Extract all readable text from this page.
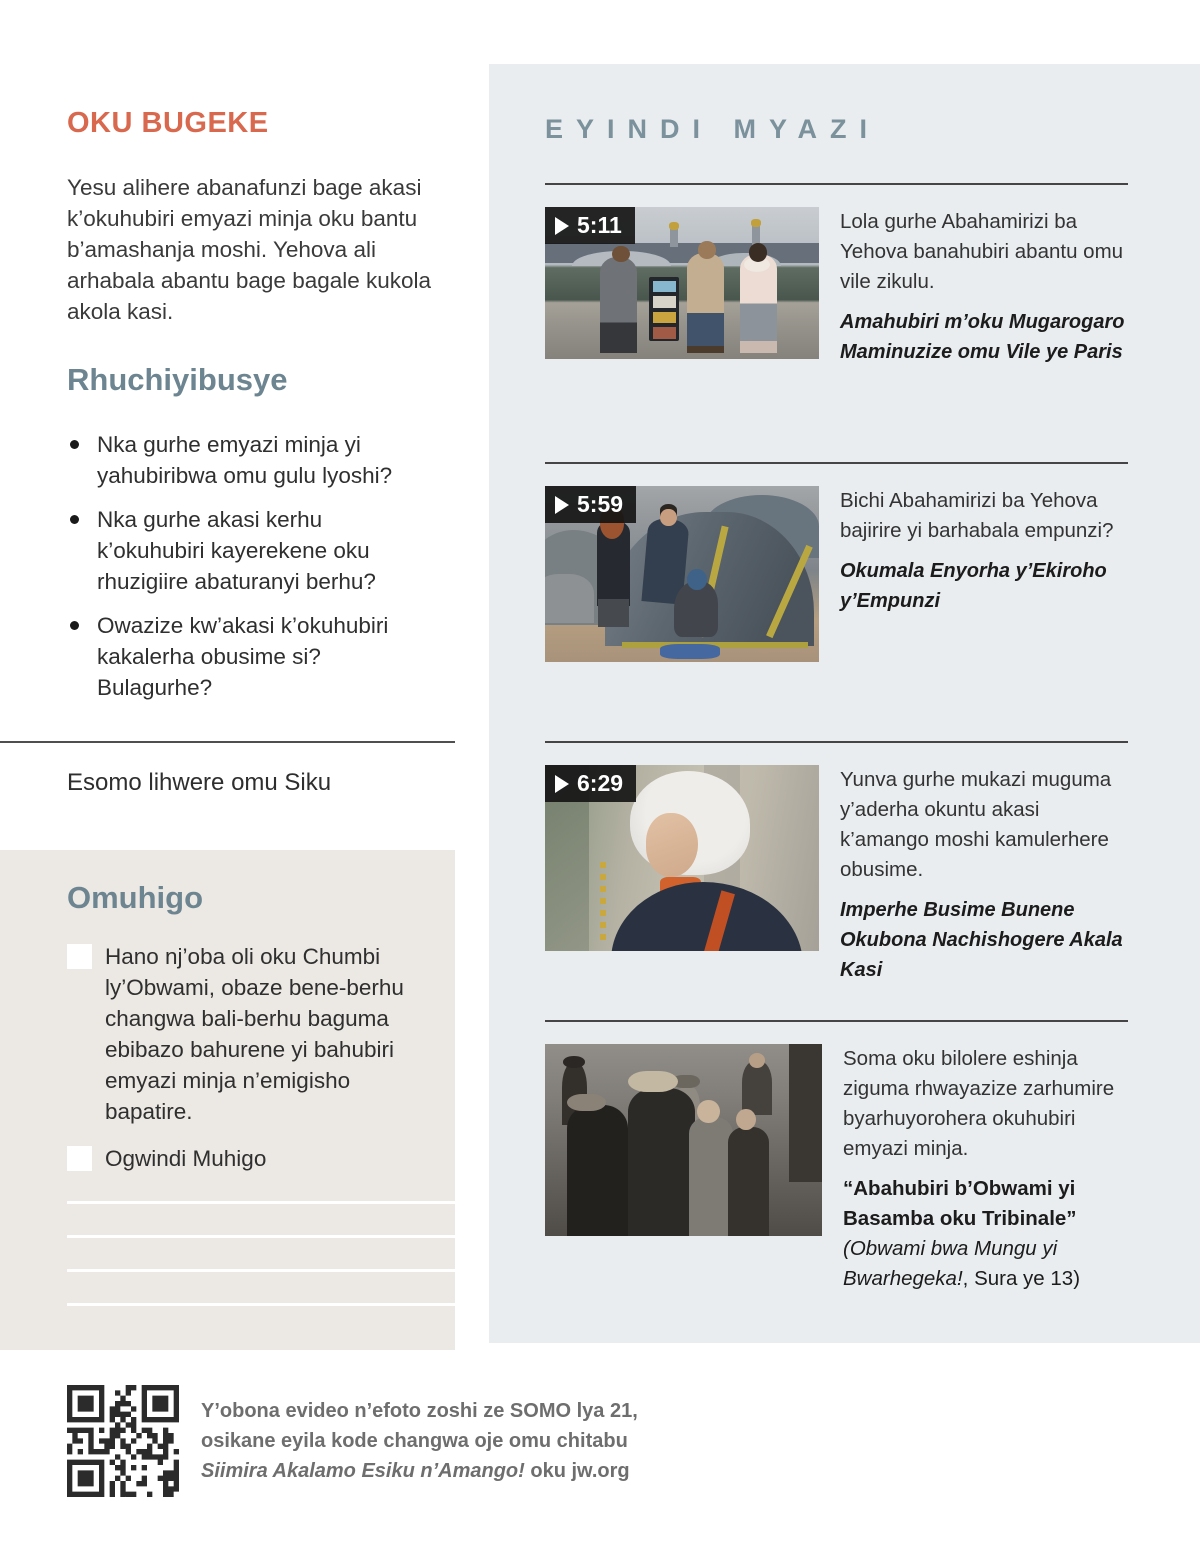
OKU BUGEKE

Yesu alihere abanafunzi bage akasi k’okuhubiri emyazi minja oku bantu b’amashanja moshi. Yehova ali arhabala abantu bage bagale kukola akola kasi.

Rhuchiyibusye
Nka gurhe emyazi minja yi yahubiribwa omu gulu lyoshi?
Nka gurhe akasi kerhu k’okuhubiri kayerekene oku rhuzigiire abaturanyi berhu?
Owazize kw’akasi k’okuhubiri kakalerha obusime si? Bulagurhe?

Esomo lihwere omu Siku

Omuhigo
Hano nj’oba oli oku Chumbi ly’Obwami, obaze bene-berhu changwa bali-berhu baguma ebibazo bahurene yi bahubiri emyazi minja n’emigisho bapatire.
Ogwindi Muhigo
Y’obona evideo n’efoto zoshi ze SOMO lya 21,
osikane eyila kode changwa oje omu chitabu
Siimira Akalamo Esiku n’Amango! oku jw.org
EYINDI MYAZI
5:11	Lola gurhe Abahamirizi ba Yehova banahubiri abantu omu vile zikulu.

Amahubiri m’oku Mugarogaro Maminuzize omu Vile ye Paris

5:59	Bichi Abahamirizi ba Yehova bajirire yi barhabala empunzi?

Okumala Enyorha y’Ekiroho y’Empunzi

6:29	Yunva gurhe mukazi muguma y’aderha okuntu akasi k’amango moshi kamulerhere obusime.

Imperhe Busime Bunene Okubona Nachishogere Akala Kasi

Soma oku bilolere eshinja ziguma rhwayazize zarhumire byarhuyorohera okuhubiri emyazi minja.

“Abahubiri b’Obwami yi Basamba oku Tribinale”

(Obwami bwa Mungu yi Bwarhegeka!, Sura ye 13)
